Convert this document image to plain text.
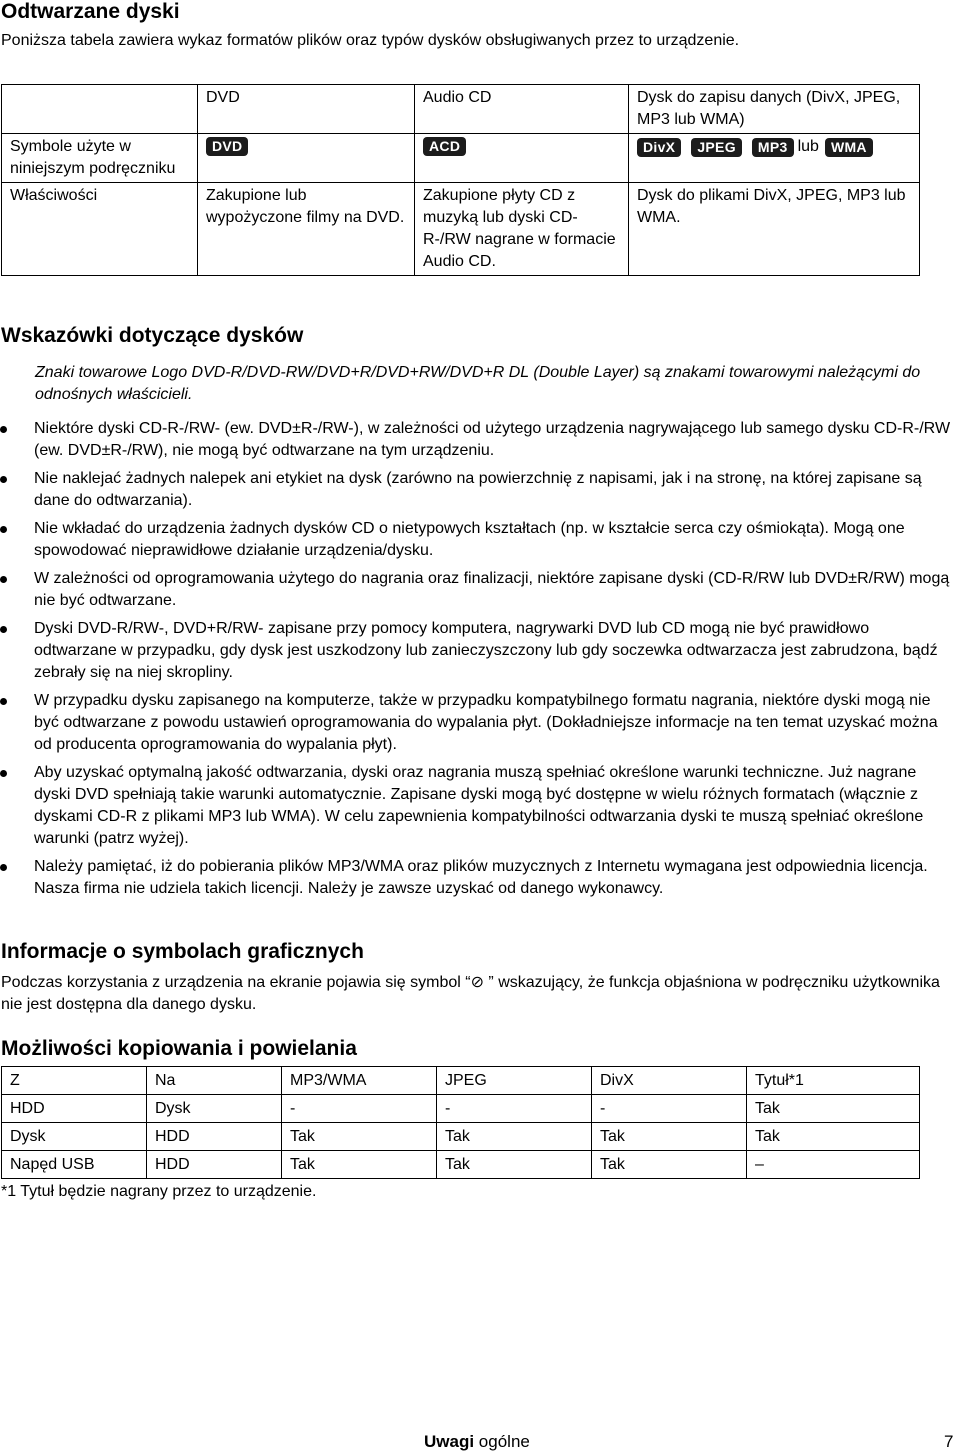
Odtwarzane dyski
Poniższa tabela zawiera wykaz formatów plików oraz typów dysków obsługiwanych przez to urządzenie.
	DVD	Audio CD	Dysk do zapisu danych (DivX, JPEG, MP3 lub WMA)
Symbole użyte w niniejszym podręczniku	DVD	ACD	DivX JPEG MP3 lub WMA
Właściwości	Zakupione lub wypożyczone filmy na DVD.	Zakupione płyty CD z muzyką lub dyski CD-R-/RW nagrane w formacie Audio CD.	Dysk do plikami DivX, JPEG, MP3 lub WMA.
Wskazówki dotyczące dysków
Znaki towarowe Logo DVD-R/DVD-RW/DVD+R/DVD+RW/DVD+R DL (Double Layer) są znakami towarowymi należącymi do odnośnych właścicieli.
Niektóre dyski CD-R-/RW- (ew. DVD±R-/RW-), w zależności od użytego urządzenia nagrywającego lub samego dysku CD-R-/RW (ew. DVD±R-/RW), nie mogą być odtwarzane na tym urządzeniu.
Nie naklejać żadnych nalepek ani etykiet na dysk (zarówno na powierzchnię z napisami, jak i na stronę, na której zapisane są dane do odtwarzania).
Nie wkładać do urządzenia żadnych dysków CD o nietypowych kształtach (np. w kształcie serca czy ośmiokąta). Mogą one spowodować nieprawidłowe działanie urządzenia/dysku.
W zależności od oprogramowania użytego do nagrania oraz finalizacji, niektóre zapisane dyski (CD-R/RW lub DVD±R/RW) mogą nie być odtwarzane.
Dyski DVD-R/RW-, DVD+R/RW- zapisane przy pomocy komputera, nagrywarki DVD lub CD mogą nie być prawidłowo odtwarzane w przypadku, gdy dysk jest uszkodzony lub zanieczyszczony lub gdy soczewka odtwarzacza jest zabrudzona, bądź zebrały się na niej skropliny.
W przypadku dysku zapisanego na komputerze, także w przypadku kompatybilnego formatu nagrania, niektóre dyski mogą nie być odtwarzane z powodu ustawień oprogramowania do wypalania płyt. (Dokładniejsze informacje na ten temat uzyskać można od producenta oprogramowania do wypalania płyt).
Aby uzyskać optymalną jakość odtwarzania, dyski oraz nagrania muszą spełniać określone warunki techniczne. Już nagrane dyski DVD spełniają takie warunki automatycznie. Zapisane dyski mogą być dostępne w wielu różnych formatach (włącznie z dyskami CD-R z plikami MP3 lub WMA). W celu zapewnienia kompatybilności odtwarzania dyski te muszą spełniać określone warunki (patrz wyżej).
Należy pamiętać, iż do pobierania plików MP3/WMA oraz plików muzycznych z Internetu wymagana jest odpowiednia licencja. Nasza firma nie udziela takich licencji. Należy je zawsze uzyskać od danego wykonawcy.
Informacje o symbolach graficznych
Podczas korzystania z urządzenia na ekranie pojawia się symbol “⊘ ” wskazujący, że funkcja objaśniona w podręczniku użytkownika nie jest dostępna dla danego dysku.
Możliwości kopiowania i powielania
Z	Na	MP3/WMA	JPEG	DivX	Tytuł*1
HDD	Dysk	-	-	-	Tak
Dysk	HDD	Tak	Tak	Tak	Tak
Napęd USB	HDD	Tak	Tak	Tak	–
*1 Tytuł będzie nagrany przez to urządzenie.
Uwagi ogólne	7
